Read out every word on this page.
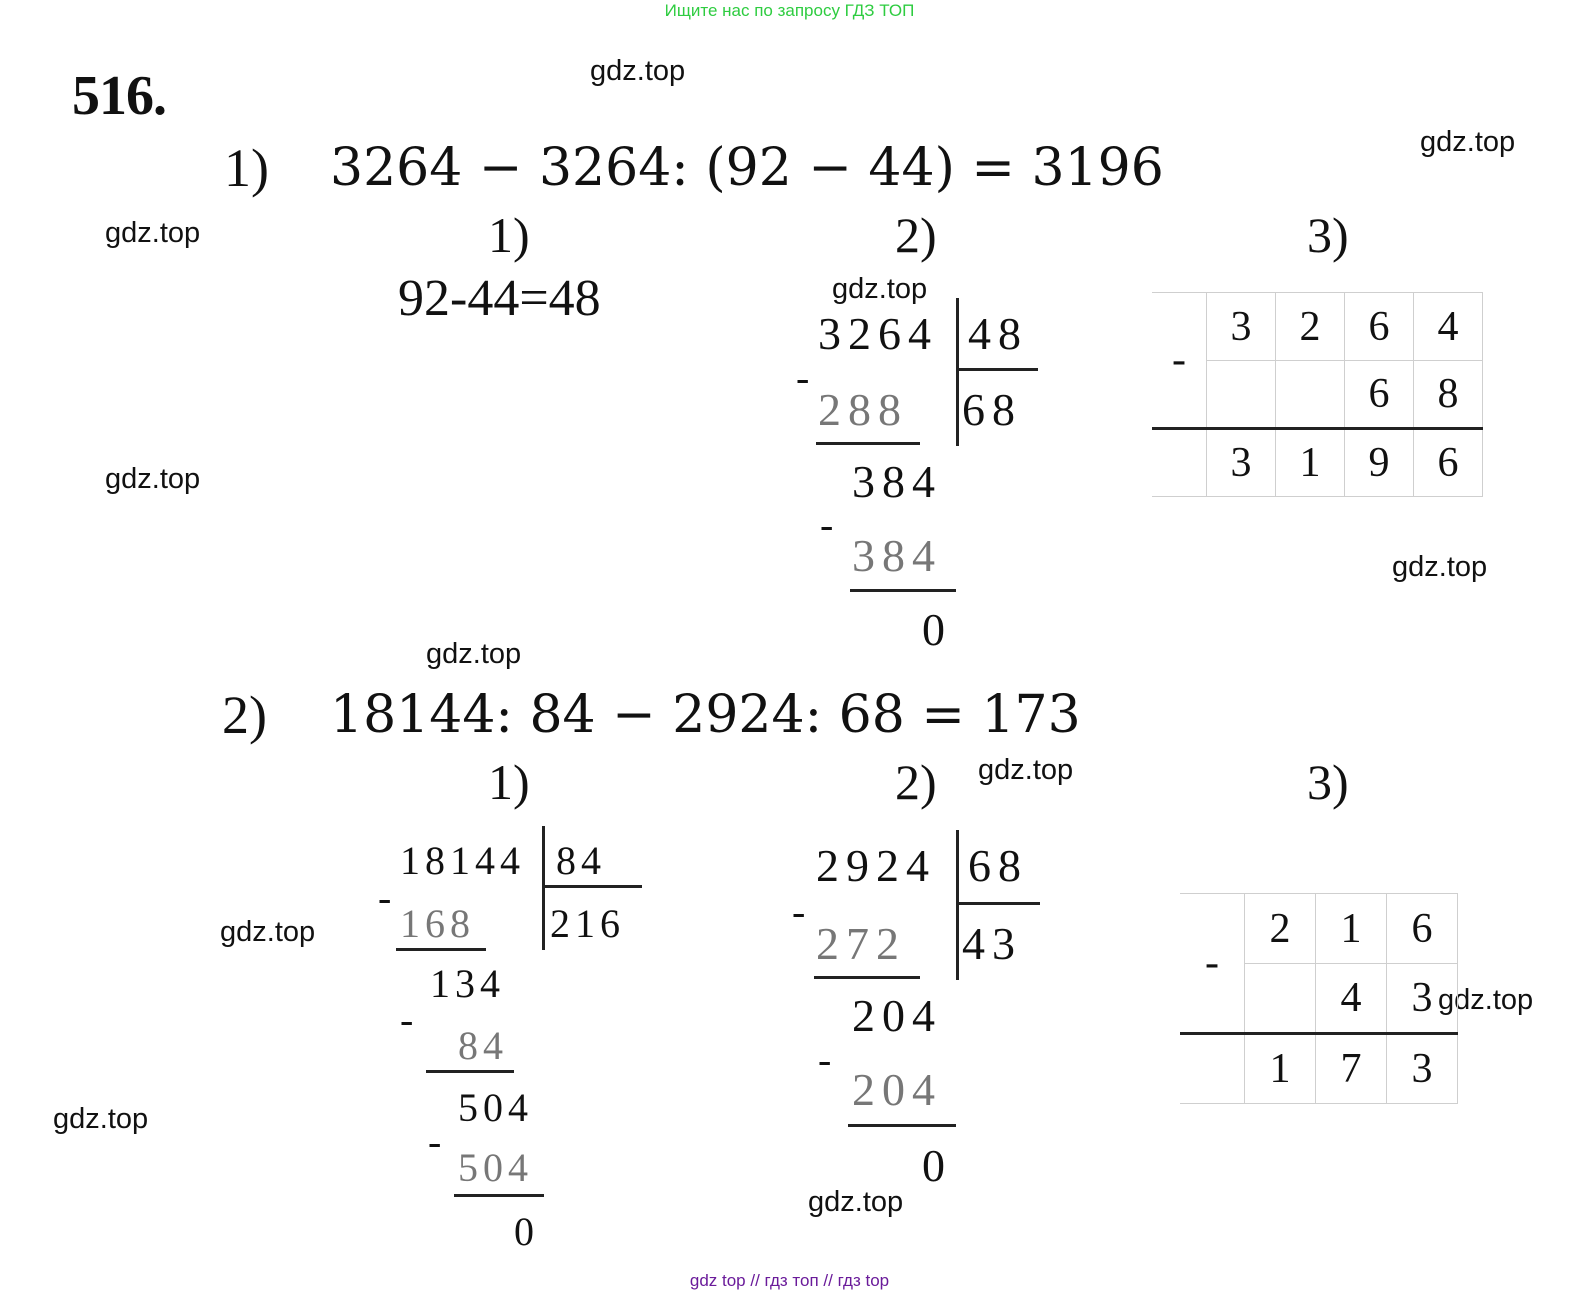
Ищите нас по запросу ГДЗ ТОП
516.	gdz.top
gdz.top
gdz.top
gdz.top
gdz.top
gdz.top
gdz.top
gdz.top
gdz.top
gdz.top
gdz.top
gdz.top
1) 3264 − 3264: (92 − 44) = 3196
1)	2)	3)
92-44=48
3264 48
68
-
288
384
-
384
0
-	3	2	6	4
			6	8
	3	1	9	6
2) 18144: 84 − 2924: 68 = 173
1)	2)	3)
18144 84
216
-
168
134
-
84
504
-
504
0
2924 68
43
-
272
204
-
204
0
-	2	1	6
		4	3
	1	7	3
gdz top // гдз топ // гдз top
